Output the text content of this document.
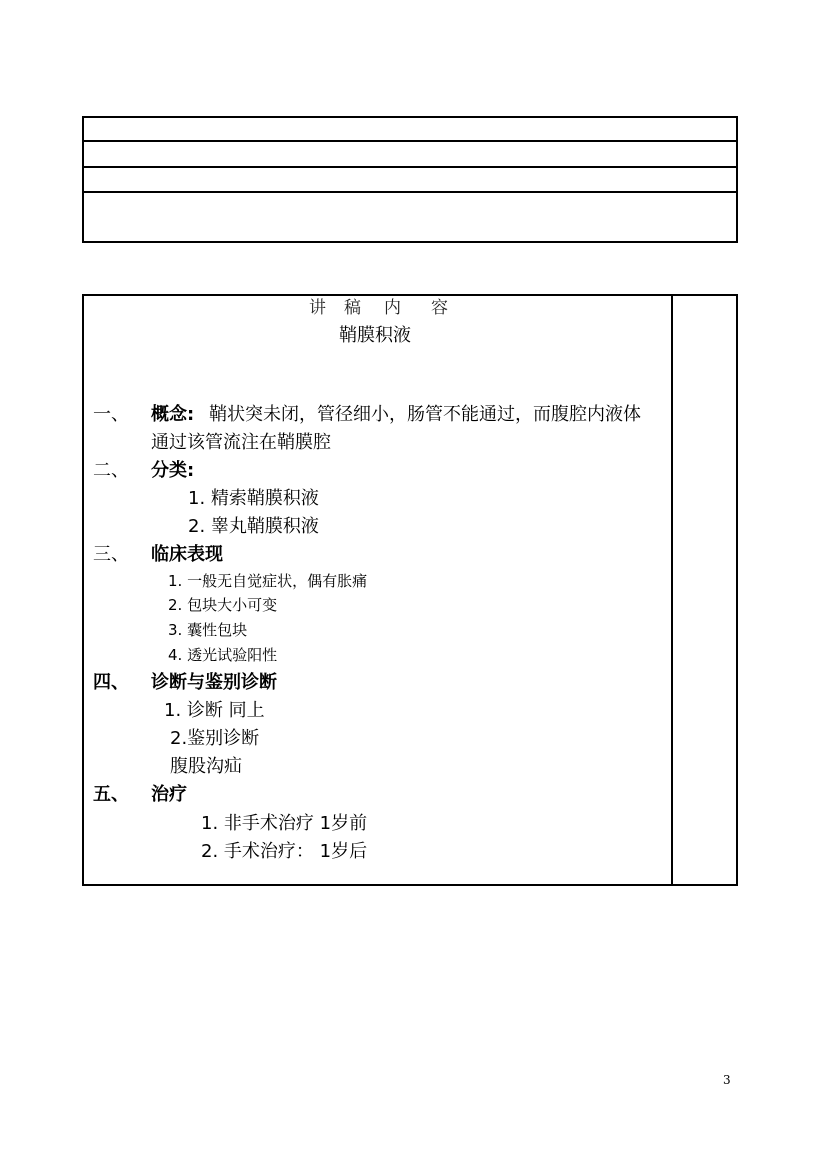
讲 稿 内 容
鞘膜积液
一、 概念: 鞘状突未闭，管径细小，肠管不能通过，而腹腔内液体
通过该管流注在鞘膜腔
二、 分类:
1. 精索鞘膜积液
2. 睾丸鞘膜积液
三、 临床表现
1. 一般无自觉症状，偶有胀痛
2. 包块大小可变
3. 囊性包块
4. 透光试验阳性
四、 诊断与鉴别诊断
1. 诊断 同上
2.鉴别诊断
腹股沟疝
五、 治疗
1. 非手术治疗 1岁前
2. 手术治疗： 1岁后
3
